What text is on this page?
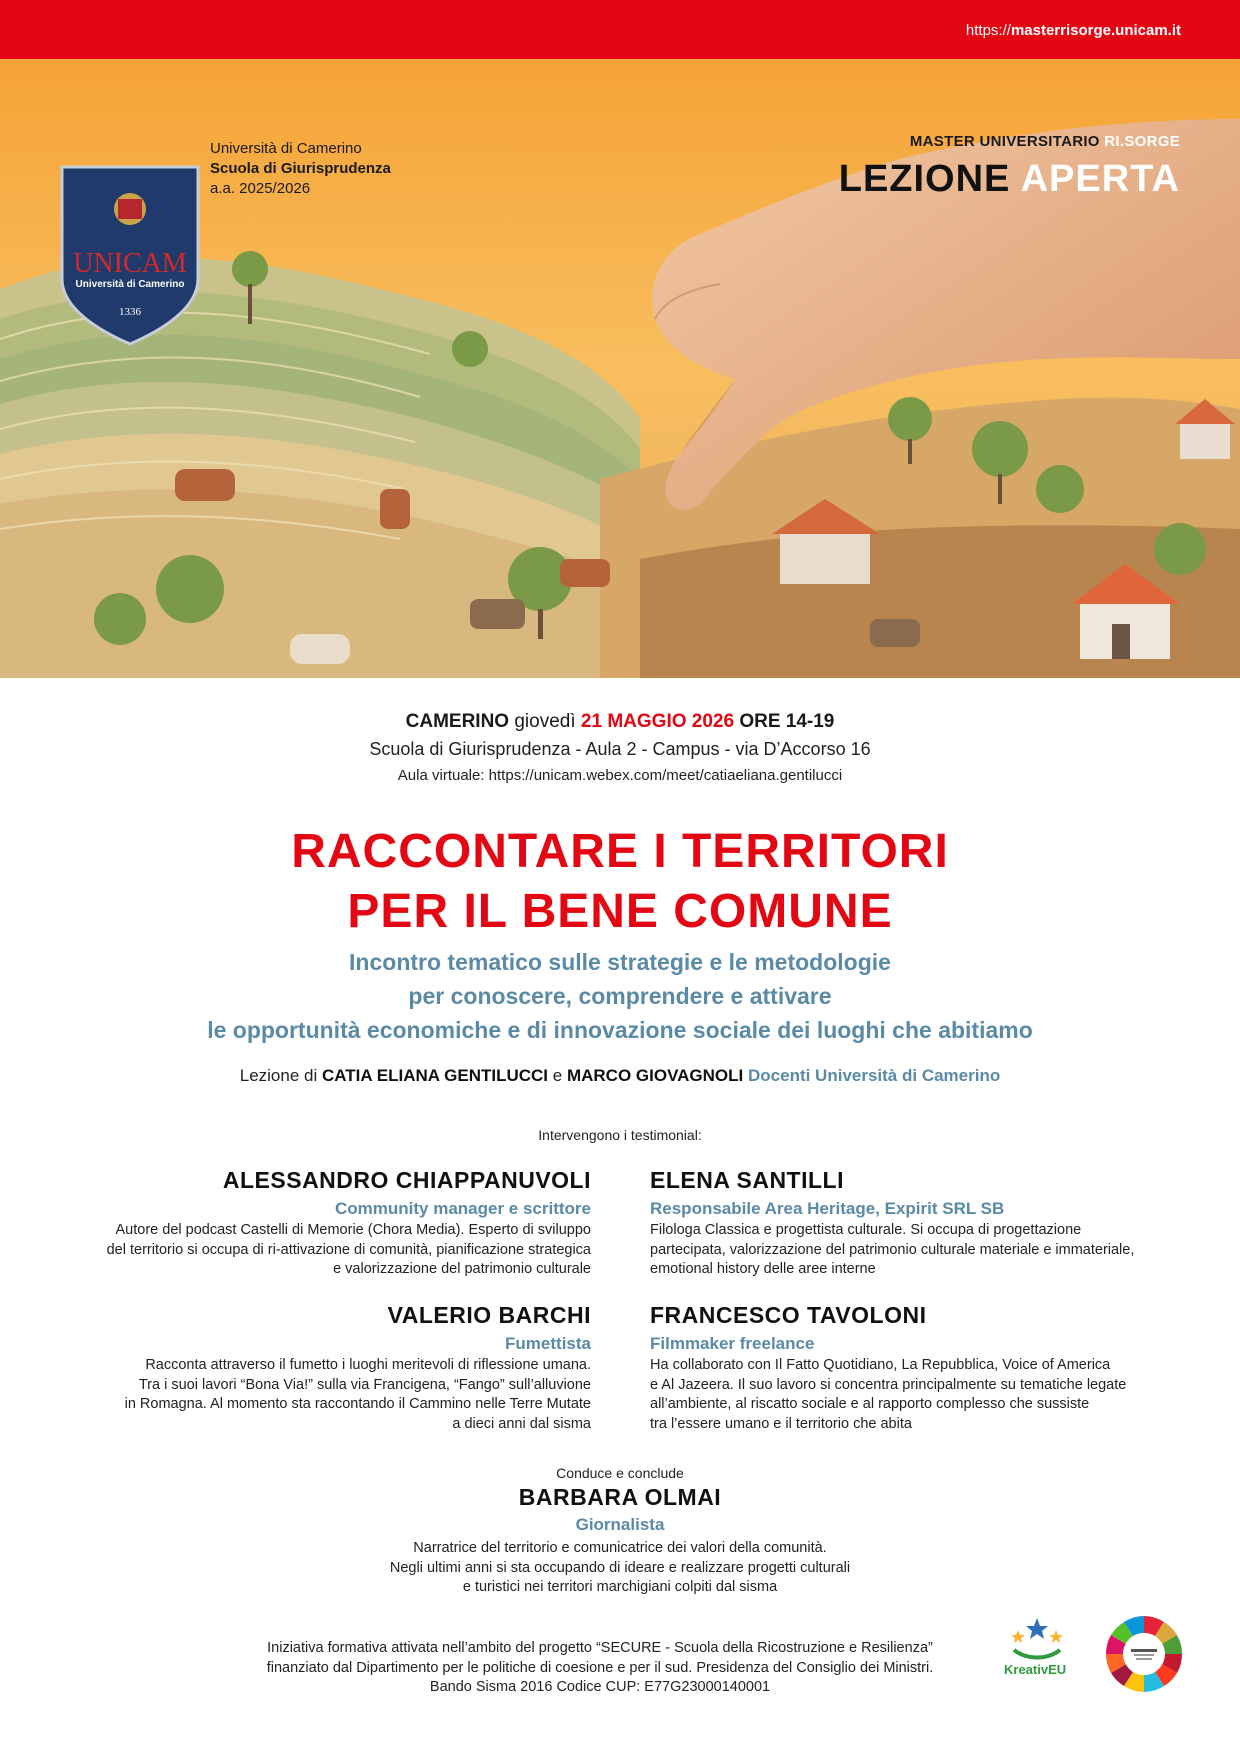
https://masterrisorge.unicam.it
UNICAM
Università di Camerino
1336
Università di Camerino
Scuola di Giurisprudenza
a.a. 2025/2026
MASTER UNIVERSITARIO RI.SORGE
LEZIONE APERTA
CAMERINO giovedì 21 MAGGIO 2026 ORE 14-19
Scuola di Giurisprudenza - Aula 2 - Campus - via D’Accorso 16
Aula virtuale: https://unicam.webex.com/meet/catiaeliana.gentilucci
RACCONTARE I TERRITORI
PER IL BENE COMUNE
Incontro tematico sulle strategie e le metodologie
per conoscere, comprendere e attivare
le opportunità economiche e di innovazione sociale dei luoghi che abitiamo
Lezione di CATIA ELIANA GENTILUCCI e MARCO GIOVAGNOLI Docenti Università di Camerino
Intervengono i testimonial:
ALESSANDRO CHIAPPANUVOLI
Community manager e scrittore
Autore del podcast Castelli di Memorie (Chora Media). Esperto di sviluppo
del territorio si occupa di ri-attivazione di comunità, pianificazione strategica
e valorizzazione del patrimonio culturale
ELENA SANTILLI
Responsabile Area Heritage, Expirit SRL SB
Filologa Classica e progettista culturale. Si occupa di progettazione
partecipata, valorizzazione del patrimonio culturale materiale e immateriale,
emotional history delle aree interne
VALERIO BARCHI
Fumettista
Racconta attraverso il fumetto i luoghi meritevoli di riflessione umana.
Tra i suoi lavori “Bona Via!” sulla via Francigena, “Fango” sull’alluvione
in Romagna. Al momento sta raccontando il Cammino nelle Terre Mutate
a dieci anni dal sisma
FRANCESCO TAVOLONI
Filmmaker freelance
Ha collaborato con Il Fatto Quotidiano, La Repubblica, Voice of America
e Al Jazeera. Il suo lavoro si concentra principalmente su tematiche legate
all’ambiente, al riscatto sociale e al rapporto complesso che sussiste
tra l’essere umano e il territorio che abita
Conduce e conclude
BARBARA OLMAI
Giornalista
Narratrice del territorio e comunicatrice dei valori della comunità.
Negli ultimi anni si sta occupando di ideare e realizzare progetti culturali
e turistici nei territori marchigiani colpiti dal sisma

Iniziativa formativa attivata nell’ambito del progetto “SECURE - Scuola della Ricostruzione e Resilienza”
finanziato dal Dipartimento per le politiche di coesione e per il sud. Presidenza del Consiglio dei Ministri.
Bando Sisma 2016 Codice CUP: E77G23000140001

KreativEU
